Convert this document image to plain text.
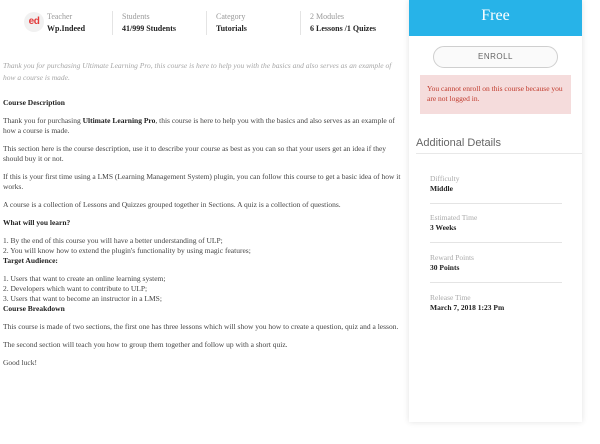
ed Teacher
Wp.Indeed
Students
41/999 Students
Category
Tutorials
2 Modules
6 Lessons /1 Quizes
Thank you for purchasing Ultimate Learning Pro, this course is here to help you with the basics and also serves as an example of how a course is made.

Course Description

Thank you for purchasing Ultimate Learning Pro, this course is here to help you with the basics and also serves as an example of how a course is made.

This section here is the course description, use it to describe your course as best as you can so that your users get an idea if they should buy it or not.

If this is your first time using a LMS (Learning Management System) plugin, you can follow this course to get a basic idea of how it works.

A course is a collection of Lessons and Quizzes grouped together in Sections. A quiz is a collection of questions.

What will you learn?

1. By the end of this course you will have a better understanding of ULP;

2. You will know how to extend the plugin's functionality by using magic features;

Target Audience:

1. Users that want to create an online learning system;

2. Developers which want to contribute to ULP;

3. Users that want to become an instructor in a LMS;

Course Breakdown

This course is made of two sections, the first one has three lessons which will show you how to create a question, quiz and a lesson.

The second section will teach you how to group them together and follow up with a short quiz.

Good luck!

Free
ENROLL
You cannot enroll on this course because you are not logged in.
Additional Details
Difficulty
Middle
Estimated Time
3 Weeks
Reward Points
30 Points
Release Time
March 7, 2018 1:23 Pm
